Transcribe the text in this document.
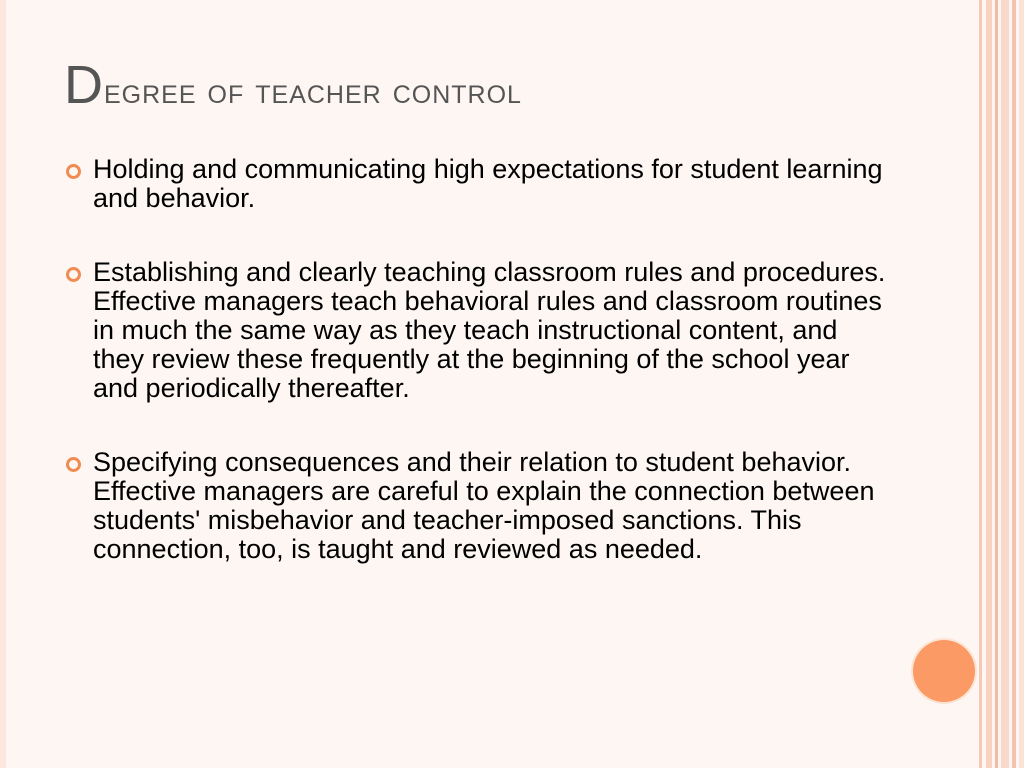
Degree of teacher control

Holding and communicating high expectations for student learning and behavior.

Establishing and clearly teaching classroom rules and procedures. Effective managers teach behavioral rules and classroom routines in much the same way as they teach instructional content, and they review these frequently at the beginning of the school year and periodically thereafter.

Specifying consequences and their relation to student behavior. Effective managers are careful to explain the connection between students' misbehavior and teacher-imposed sanctions. This connection, too, is taught and reviewed as needed.
